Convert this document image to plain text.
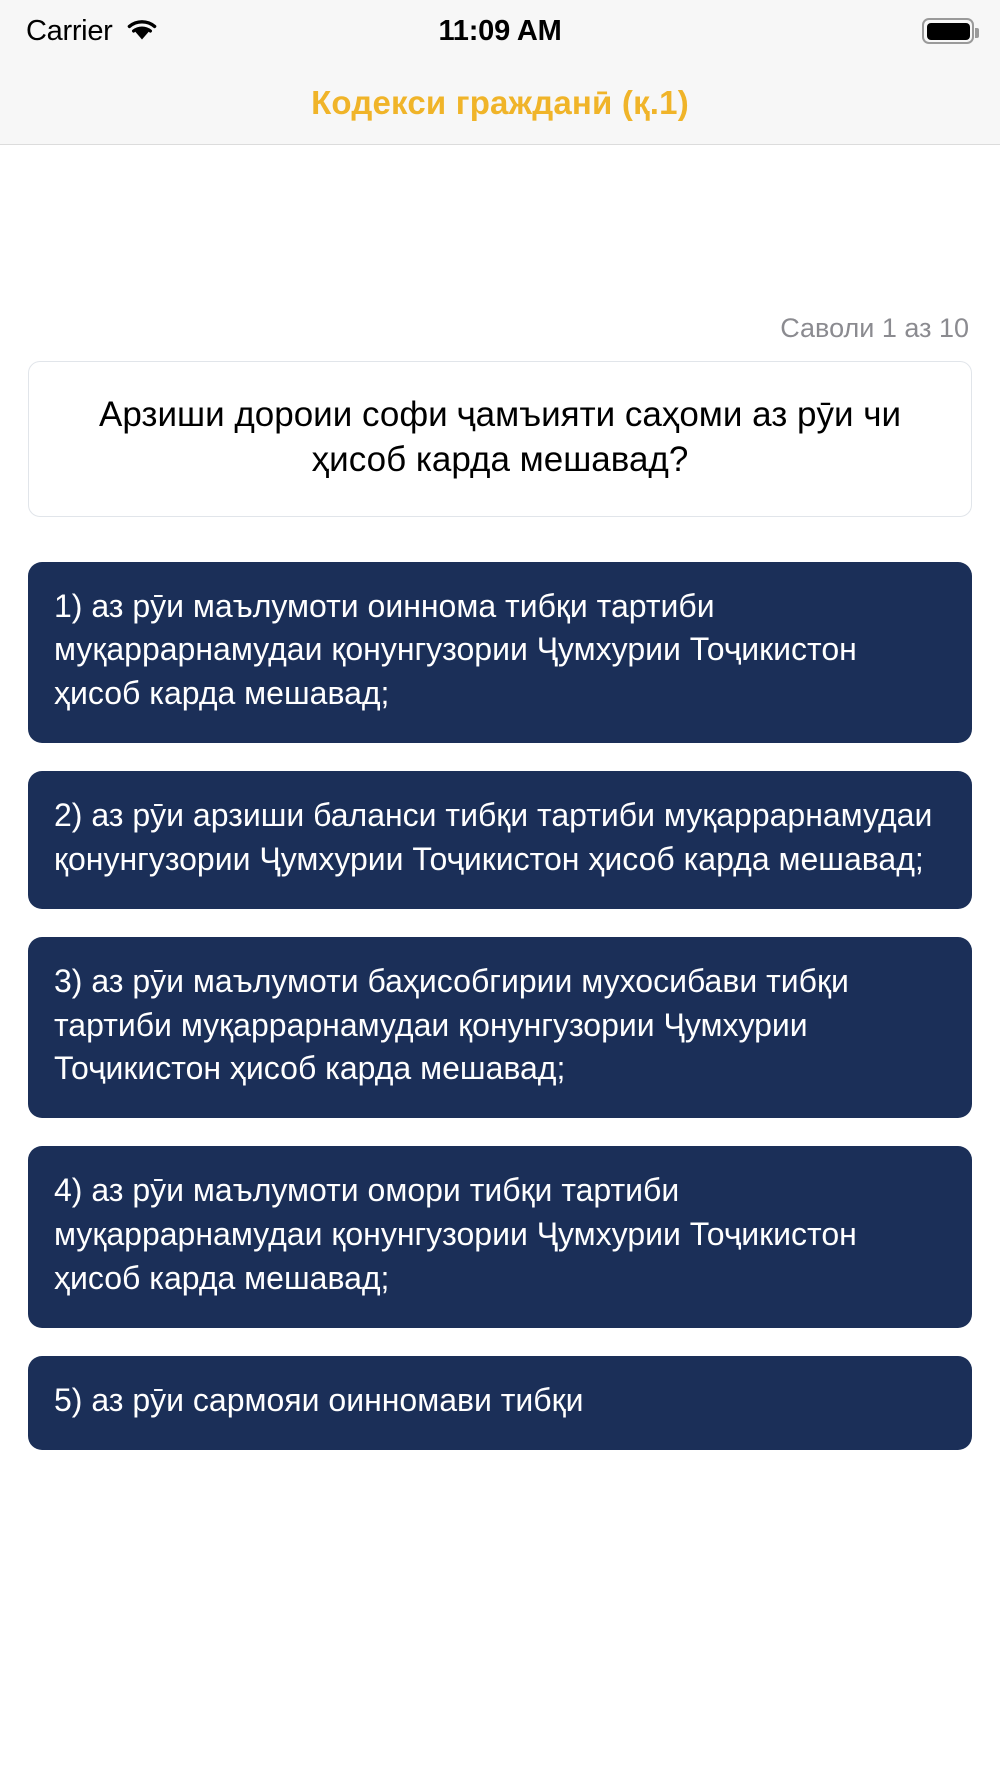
Carrier	11:09 AM
Кодекси гражданӣ (қ.1)
Саволи 1 аз 10
Арзиши дороии софи ҷамъияти саҳоми аз рӯи чи ҳисоб карда мешавад?
1) аз рӯи маълумоти оиннома тибқи тартиби муқаррарнамудаи қонунгузории Ҷумхурии Тоҷикистон ҳисоб карда мешавад;
2) аз рӯи арзиши баланси тибқи тартиби муқаррарнамудаи қонунгузории Ҷумхурии Тоҷикистон ҳисоб карда мешавад;
3) аз рӯи маълумоти баҳисобгирии мухосибави тибқи тартиби муқаррарнамудаи қонунгузории Ҷумхурии Тоҷикистон ҳисоб карда мешавад;
4) аз рӯи маълумоти омори тибқи тартиби муқаррарнамудаи қонунгузории Ҷумхурии Тоҷикистон ҳисоб карда мешавад;
5) аз рӯи сармояи оинномави тибқи
